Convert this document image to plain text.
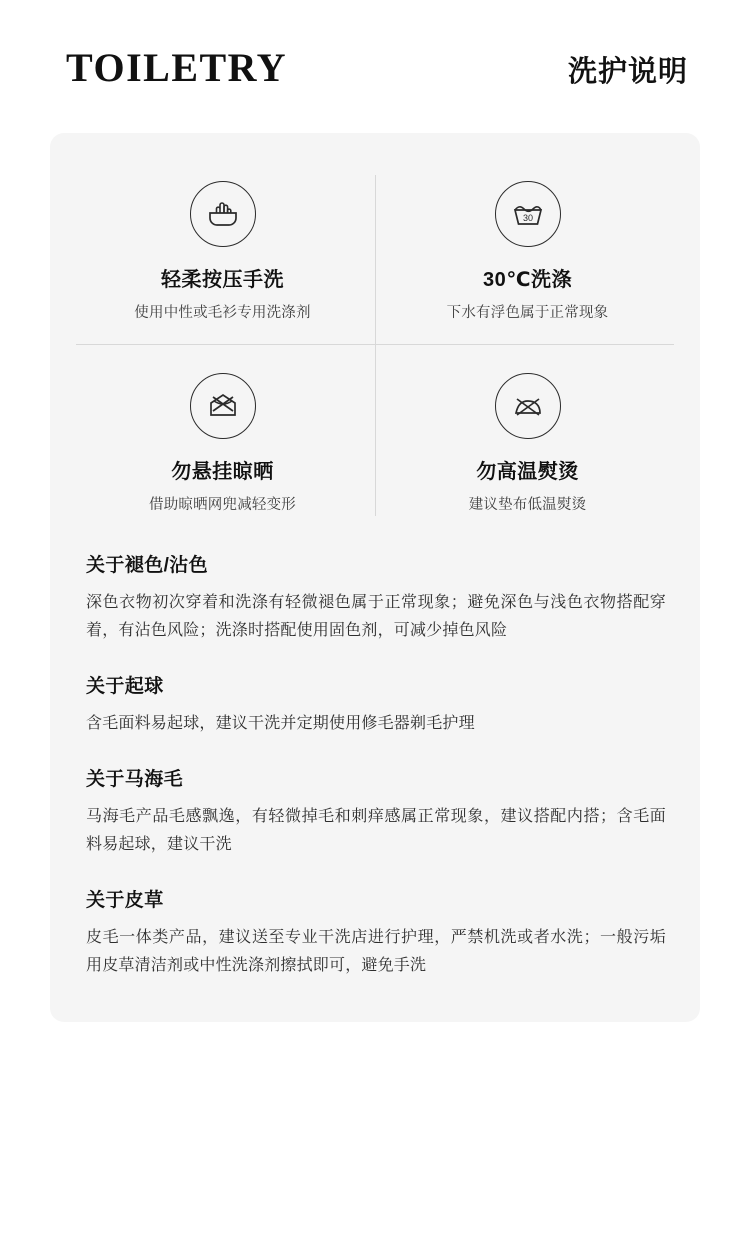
TOILETRY	洗护说明
轻柔按压手洗
使用中性或毛衫专用洗涤剂
30
30℃洗涤
下水有浮色属于正常现象
勿悬挂晾晒
借助晾晒网兜减轻变形
勿高温熨烫
建议垫布低温熨烫
关于褪色/沾色
深色衣物初次穿着和洗涤有轻微褪色属于正常现象；避免深色与浅色衣物搭配穿着，有沾色风险；洗涤时搭配使用固色剂，可减少掉色风险
关于起球
含毛面料易起球，建议干洗并定期使用修毛器剃毛护理
关于马海毛
马海毛产品毛感飘逸，有轻微掉毛和刺痒感属正常现象，建议搭配内搭；含毛面料易起球，建议干洗
关于皮草
皮毛一体类产品，建议送至专业干洗店进行护理，严禁机洗或者水洗；一般污垢用皮草清洁剂或中性洗涤剂擦拭即可，避免手洗
